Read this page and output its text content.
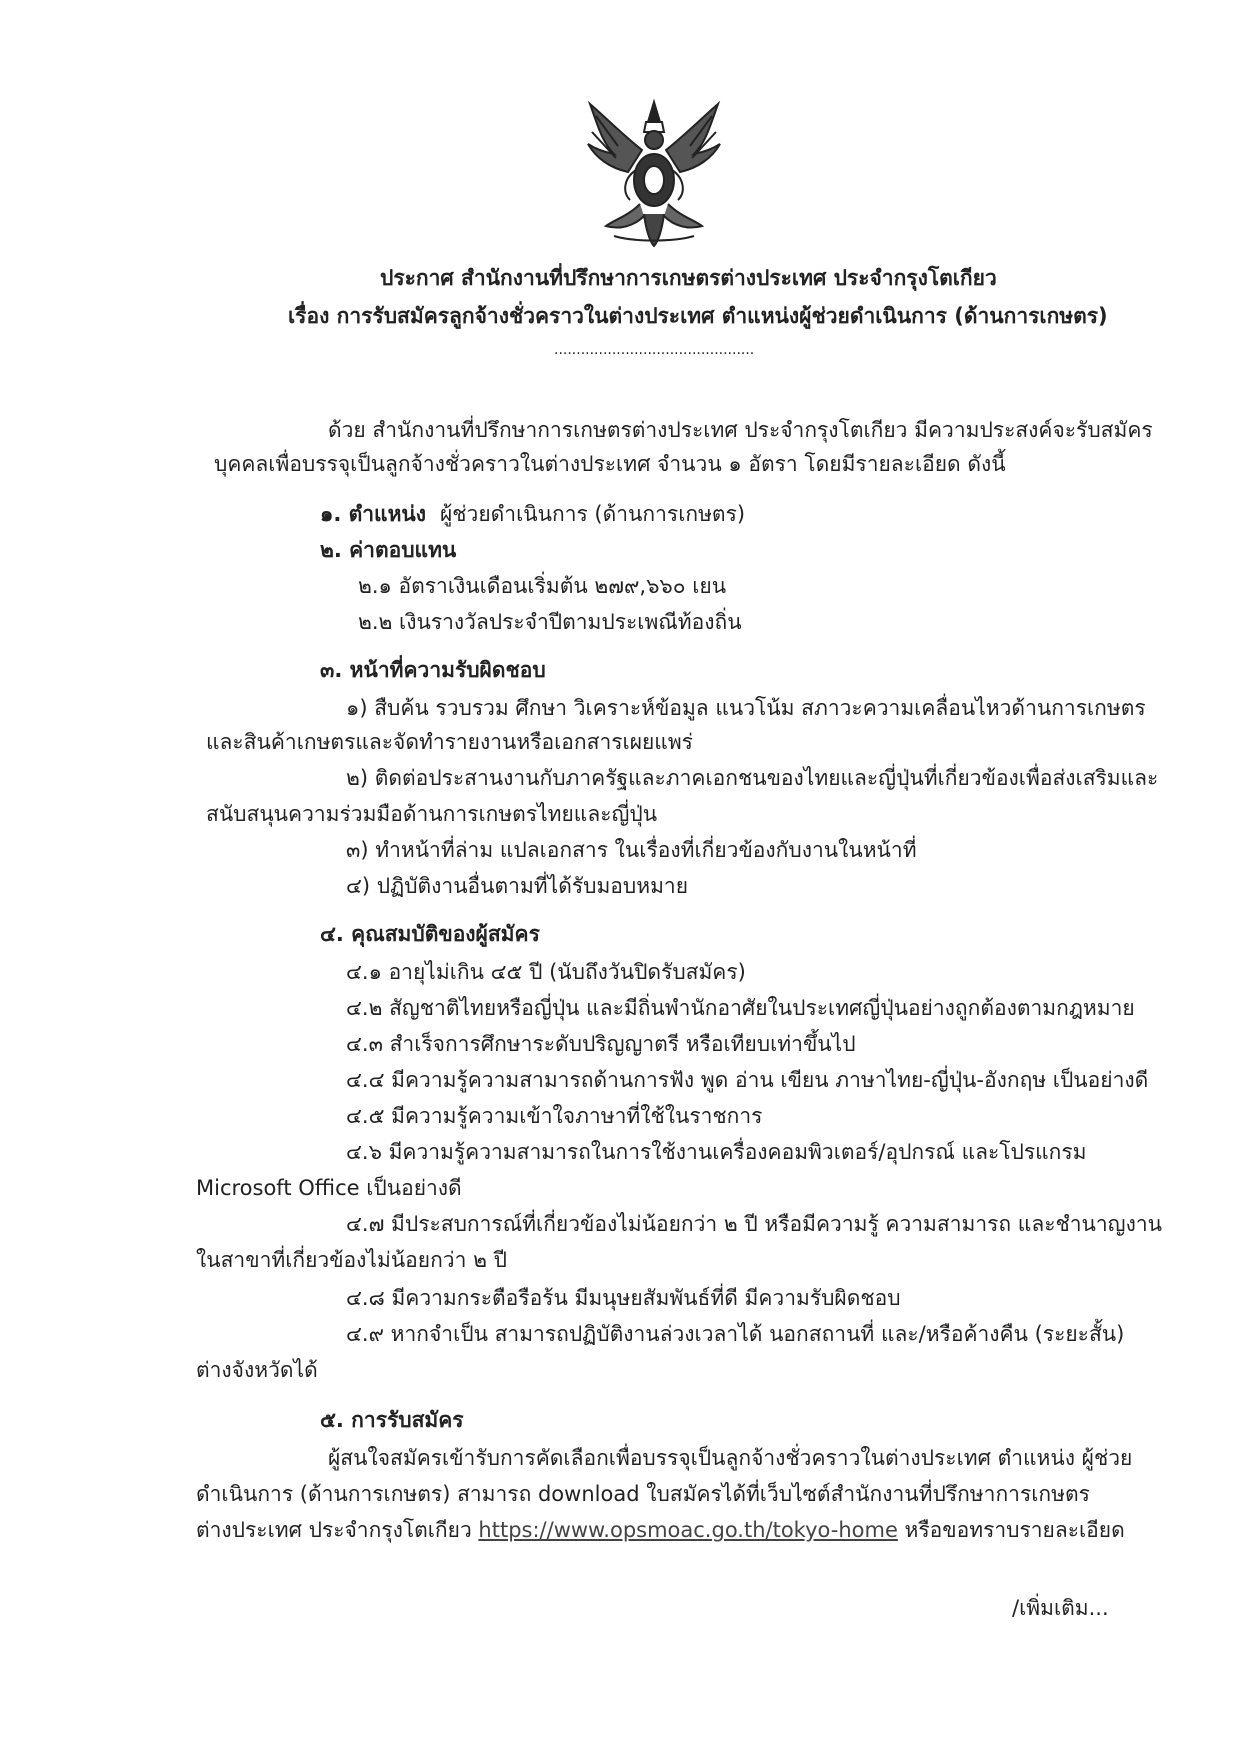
ประกาศ สำนักงานที่ปรึกษาการเกษตรต่างประเทศ ประจำกรุงโตเกียว
เรื่อง การรับสมัครลูกจ้างชั่วคราวในต่างประเทศ ตำแหน่งผู้ช่วยดำเนินการ (ด้านการเกษตร)
.............................................
ด้วย สำนักงานที่ปรึกษาการเกษตรต่างประเทศ ประจำกรุงโตเกียว มีความประสงค์จะรับสมัคร
บุคคลเพื่อบรรจุเป็นลูกจ้างชั่วคราวในต่างประเทศ จำนวน ๑ อัตรา โดยมีรายละเอียด ดังนี้
๑. ตำแหน่ง ผู้ช่วยดำเนินการ (ด้านการเกษตร)
๒. ค่าตอบแทน
๒.๑ อัตราเงินเดือนเริ่มต้น ๒๗๙,๖๖๐ เยน
๒.๒ เงินรางวัลประจำปีตามประเพณีท้องถิ่น
๓. หน้าที่ความรับผิดชอบ
๑) สืบค้น รวบรวม ศึกษา วิเคราะห์ข้อมูล แนวโน้ม สภาวะความเคลื่อนไหวด้านการเกษตร
และสินค้าเกษตรและจัดทำรายงานหรือเอกสารเผยแพร่
๒) ติดต่อประสานงานกับภาครัฐและภาคเอกชนของไทยและญี่ปุ่นที่เกี่ยวข้องเพื่อส่งเสริมและ
สนับสนุนความร่วมมือด้านการเกษตรไทยและญี่ปุ่น
๓) ทำหน้าที่ล่าม แปลเอกสาร ในเรื่องที่เกี่ยวข้องกับงานในหน้าที่
๔) ปฏิบัติงานอื่นตามที่ได้รับมอบหมาย
๔. คุณสมบัติของผู้สมัคร
๔.๑ อายุไม่เกิน ๔๕ ปี (นับถึงวันปิดรับสมัคร)
๔.๒ สัญชาติไทยหรือญี่ปุ่น และมีถิ่นพำนักอาศัยในประเทศญี่ปุ่นอย่างถูกต้องตามกฎหมาย
๔.๓ สำเร็จการศึกษาระดับปริญญาตรี หรือเทียบเท่าขึ้นไป
๔.๔ มีความรู้ความสามารถด้านการฟัง พูด อ่าน เขียน ภาษาไทย-ญี่ปุ่น-อังกฤษ เป็นอย่างดี
๔.๕ มีความรู้ความเข้าใจภาษาที่ใช้ในราชการ
๔.๖ มีความรู้ความสามารถในการใช้งานเครื่องคอมพิวเตอร์/อุปกรณ์ และโปรแกรม
Microsoft Office เป็นอย่างดี
๔.๗ มีประสบการณ์ที่เกี่ยวข้องไม่น้อยกว่า ๒ ปี หรือมีความรู้ ความสามารถ และชำนาญงาน
ในสาขาที่เกี่ยวข้องไม่น้อยกว่า ๒ ปี
๔.๘ มีความกระตือรือร้น มีมนุษยสัมพันธ์ที่ดี มีความรับผิดชอบ
๔.๙ หากจำเป็น สามารถปฏิบัติงานล่วงเวลาได้ นอกสถานที่ และ/หรือค้างคืน (ระยะสั้น)
ต่างจังหวัดได้
๕. การรับสมัคร
ผู้สนใจสมัครเข้ารับการคัดเลือกเพื่อบรรจุเป็นลูกจ้างชั่วคราวในต่างประเทศ ตำแหน่ง ผู้ช่วย
ดำเนินการ (ด้านการเกษตร) สามารถ download ใบสมัครได้ที่เว็บไซต์สำนักงานที่ปรึกษาการเกษตร
ต่างประเทศ ประจำกรุงโตเกียว https://www.opsmoac.go.th/tokyo-home หรือขอทราบรายละเอียด
/เพิ่มเติม...
